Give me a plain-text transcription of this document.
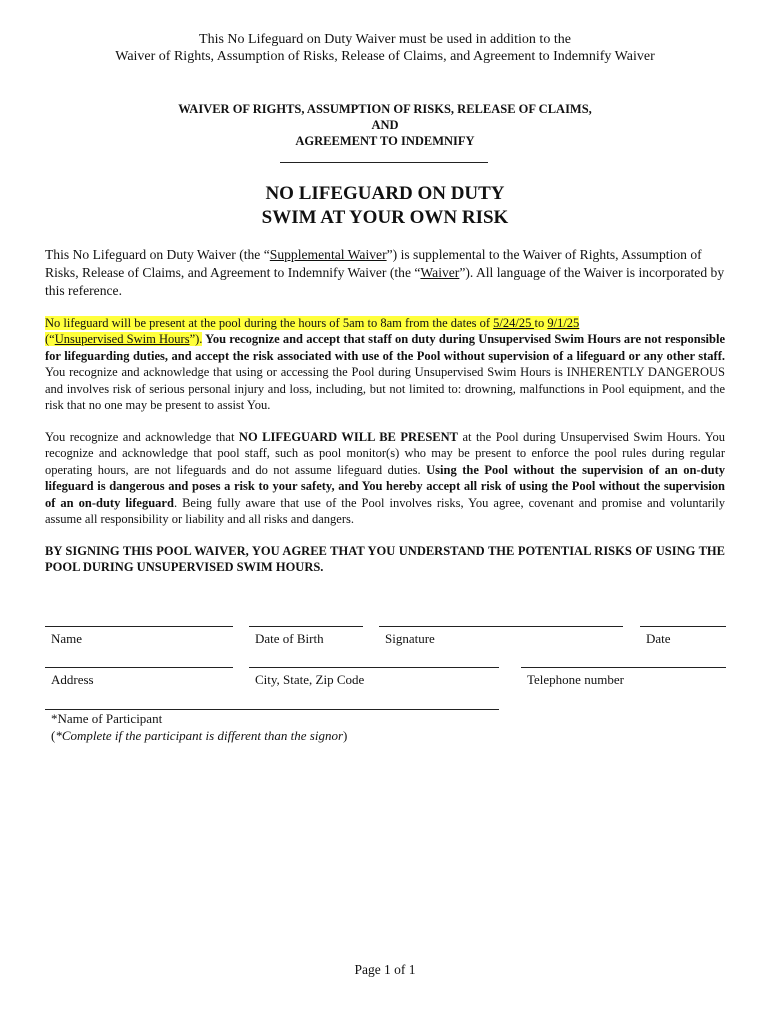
This No Lifeguard on Duty Waiver must be used in addition to the
Waiver of Rights, Assumption of Risks, Release of Claims, and Agreement to Indemnify Waiver
WAIVER OF RIGHTS, ASSUMPTION OF RISKS, RELEASE OF CLAIMS,
AND
AGREEMENT TO INDEMNIFY
NO LIFEGUARD ON DUTY
SWIM AT YOUR OWN RISK
This No Lifeguard on Duty Waiver (the “Supplemental Waiver”) is supplemental to the Waiver of Rights, Assumption of Risks, Release of Claims, and Agreement to Indemnify Waiver (the “Waiver”). All language of the Waiver is incorporated by this reference.
No lifeguard will be present at the pool during the hours of 5am to 8am from the dates of 5/24/25 to 9/1/25
(“Unsupervised Swim Hours”). You recognize and accept that staff on duty during Unsupervised Swim Hours are not responsible for lifeguarding duties, and accept the risk associated with use of the Pool without supervision of a lifeguard or any other staff. You recognize and acknowledge that using or accessing the Pool during Unsupervised Swim Hours is INHERENTLY DANGEROUS and involves risk of serious personal injury and loss, including, but not limited to: drowning, malfunctions in Pool equipment, and the risk that no one may be present to assist You.
You recognize and acknowledge that NO LIFEGUARD WILL BE PRESENT at the Pool during Unsupervised Swim Hours. You recognize and acknowledge that pool staff, such as pool monitor(s) who may be present to enforce the pool rules during regular operating hours, are not lifeguards and do not assume lifeguard duties. Using the Pool without the supervision of an on-duty lifeguard is dangerous and poses a risk to your safety, and You hereby accept all risk of using the Pool without the supervision of an on-duty lifeguard. Being fully aware that use of the Pool involves risks, You agree, covenant and promise and voluntarily assume all responsibility or liability and all risks and dangers.
BY SIGNING THIS POOL WAIVER, YOU AGREE THAT YOU UNDERSTAND THE POTENTIAL RISKS OF USING THE POOL DURING UNSUPERVISED SWIM HOURS.
Name	Date of Birth	Signature	Date
Address	City, State, Zip Code	Telephone number
*Name of Participant
(*Complete if the participant is different than the signor)
Page 1 of 1
